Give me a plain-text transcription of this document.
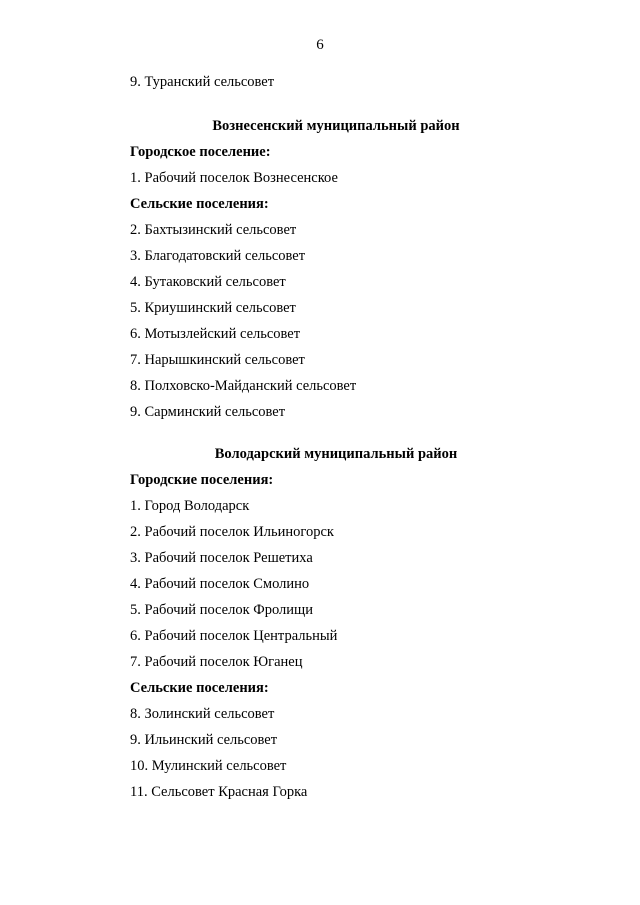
6
9. Туранский сельсовет
Вознесенский муниципальный район
Городское поселение:
1. Рабочий поселок Вознесенское
Сельские поселения:
2. Бахтызинский сельсовет
3. Благодатовский сельсовет
4. Бутаковский сельсовет
5. Криушинский сельсовет
6. Мотызлейский сельсовет
7. Нарышкинский сельсовет
8. Полховско-Майданский сельсовет
9. Сарминский сельсовет
Володарский муниципальный район
Городские поселения:
1. Город Володарск
2. Рабочий поселок Ильиногорск
3. Рабочий поселок Решетиха
4. Рабочий поселок Смолино
5. Рабочий поселок Фролищи
6. Рабочий поселок Центральный
7. Рабочий поселок Юганец
Сельские поселения:
8. Золинский сельсовет
9. Ильинский сельсовет
10. Мулинский сельсовет
11. Сельсовет Красная Горка
